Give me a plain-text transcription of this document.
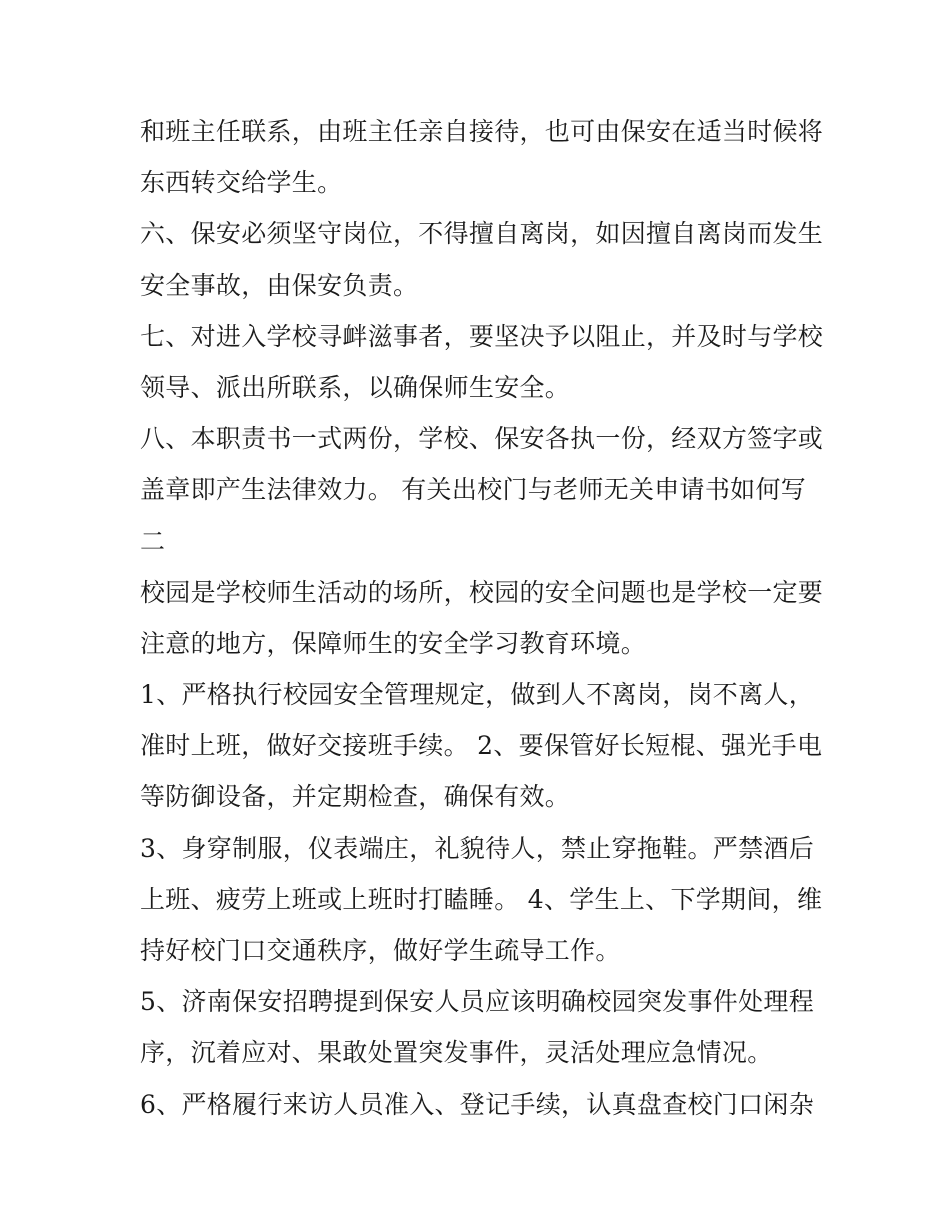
和班主任联系，由班主任亲自接待，也可由保安在适当时候将
东西转交给学生。
六、保安必须坚守岗位，不得擅自离岗，如因擅自离岗而发生
安全事故，由保安负责。
七、对进入学校寻衅滋事者，要坚决予以阻止，并及时与学校
领导、派出所联系，以确保师生安全。
八、本职责书一式两份，学校、保安各执一份，经双方签字或
盖章即产生法律效力。 有关出校门与老师无关申请书如何写
二
校园是学校师生活动的场所，校园的安全问题也是学校一定要
注意的地方，保障师生的安全学习教育环境。
1、严格执行校园安全管理规定，做到人不离岗，岗不离人，
准时上班，做好交接班手续。 2、要保管好长短棍、强光手电
等防御设备，并定期检查，确保有效。
3、身穿制服，仪表端庄，礼貌待人，禁止穿拖鞋。严禁酒后
上班、疲劳上班或上班时打瞌睡。 4、学生上、下学期间，维
持好校门口交通秩序，做好学生疏导工作。
5、济南保安招聘提到保安人员应该明确校园突发事件处理程
序，沉着应对、果敢处置突发事件，灵活处理应急情况。
6、严格履行来访人员准入、登记手续，认真盘查校门口闲杂
